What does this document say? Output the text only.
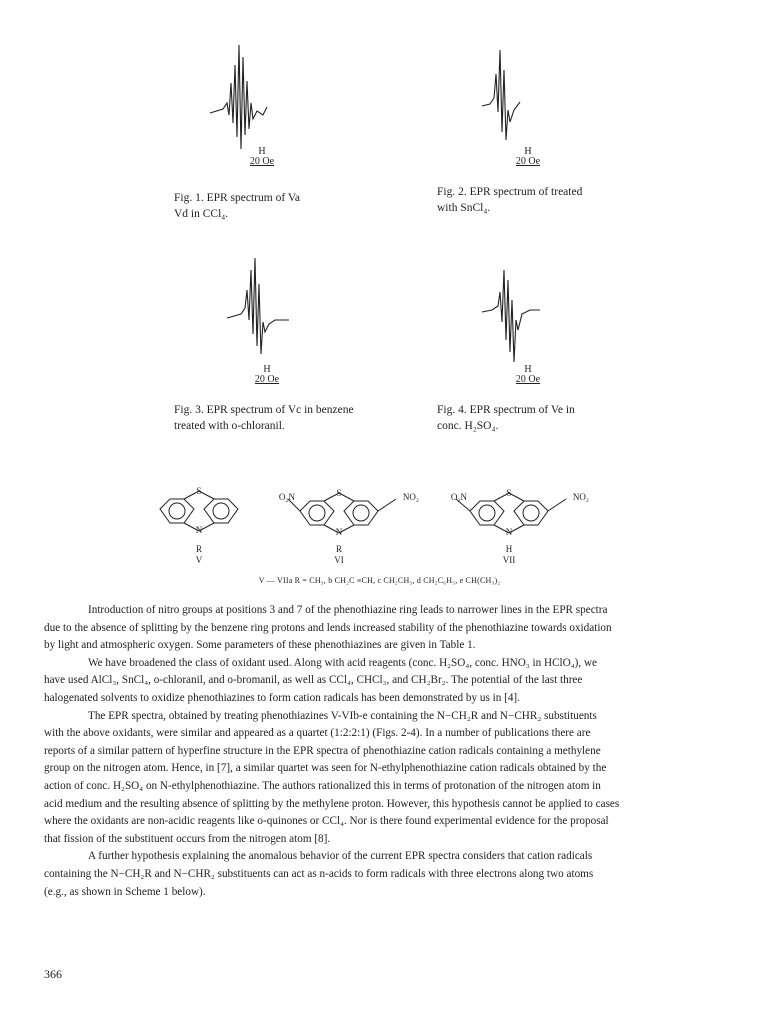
H
20 Oe
H
20 Oe
H
20 Oe
H
20 Oe
Fig. 1. EPR spectrum of Va
Vd in CCl₄.
Fig. 2. EPR spectrum of treated
with SnCl₄.
Fig. 3. EPR spectrum of Vc in benzene
treated with o-chloranil.
Fig. 4. EPR spectrum of Ve in
conc. H₂SO₄.
S
N
R
V
O₂N	S	NO₂
N
R
VI
O₂N	S	NO₂
N
H
VII
V — VIIa R = CH₃, b CH₂C ≡CH, c CH₂CH₃, d CH₂C₆H₅, e CH(CH₃)₂

Introduction of nitro groups at positions 3 and 7 of the phenothiazine ring leads to narrower lines in the EPR spectra
due to the absence of splitting by the benzene ring protons and lends increased stability of the phenothiazine towards oxidation
by light and atmospheric oxygen. Some parameters of these phenothiazines are given in Table 1.

We have broadened the class of oxidant used. Along with acid reagents (conc. H₂SO₄, conc. HNO₃ in HClO₄), we
have used AlCl₃, SnCl₄, o-chloranil, and o-bromanil, as well as CCl₄, CHCl₃, and CH₂Br₂. The potential of the last three
halogenated solvents to oxidize phenothiazines to form cation radicals has been demonstrated by us in [4].

The EPR spectra, obtained by treating phenothiazines V-VIb-e containing the N−CH₂R and N−CHR₂ substituents
with the above oxidants, were similar and appeared as a quartet (1:2:2:1) (Figs. 2-4). In a number of publications there are
reports of a similar pattern of hyperfine structure in the EPR spectra of phenothiazine cation radicals containing a methylene
group on the nitrogen atom. Hence, in [7], a similar quartet was seen for N-ethylphenothiazine cation radicals obtained by the
action of conc. H₂SO₄ on N-ethylphenothiazine. The authors rationalized this in terms of protonation of the nitrogen atom in
acid medium and the resulting absence of splitting by the methylene proton. However, this hypothesis cannot be applied to cases
where the oxidants are non-acidic reagents like o-quinones or CCl₄. Nor is there found experimental evidence for the proposal
that fission of the substituent occurs from the nitrogen atom [8].

A further hypothesis explaining the anomalous behavior of the current EPR spectra considers that cation radicals
containing the N−CH₂R and N−CHR₂ substituents can act as n-acids to form radicals with three electrons along two atoms
(e.g., as shown in Scheme 1 below).

366
